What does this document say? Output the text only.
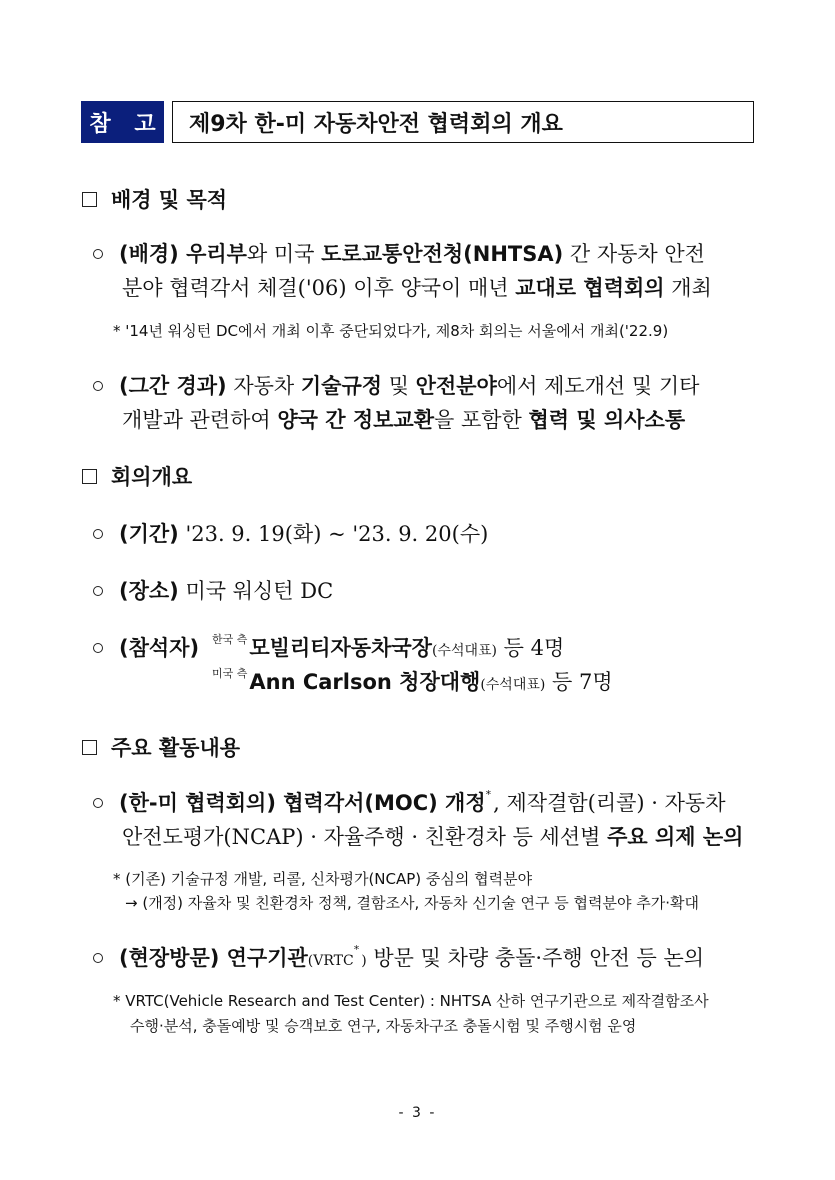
참 고	제9차 한-미 자동차안전 협력회의 개요
배경 및 목적
(배경) 우리부와 미국 도로교통안전청(NHTSA) 간 자동차 안전
분야 협력각서 체결('06) 이후 양국이 매년 교대로 협력회의 개최
* '14년 워싱턴 DC에서 개최 이후 중단되었다가, 제8차 회의는 서울에서 개최('22.9)
(그간 경과) 자동차 기술규정 및 안전분야에서 제도개선 및 기타
개발과 관련하여 양국 간 정보교환을 포함한 협력 및 의사소통
회의개요
(기간) '23. 9. 19(화) ~ '23. 9. 20(수)
(장소) 미국 워싱턴 DC
(참석자) $^{한국 측}$모빌리티자동차국장(수석대표) 등 4명
$^{미국 측}$Ann Carlson 청장대행(수석대표) 등 7명
주요 활동내용
(한-미 협력회의) 협력각서(MOC) 개정*, 제작결함(리콜) · 자동차
안전도평가(NCAP) · 자율주행 · 친환경차 등 세션별 주요 의제 논의
* (기존) 기술규정 개발, 리콜, 신차평가(NCAP) 중심의 협력분야
→ (개정) 자율차 및 친환경차 정책, 결함조사, 자동차 신기술 연구 등 협력분야 추가·확대
(현장방문) 연구기관(VRTC*) 방문 및 차량 충돌·주행 안전 등 논의
* VRTC(Vehicle Research and Test Center) : NHTSA 산하 연구기관으로 제작결함조사
수행·분석, 충돌예방 및 승객보호 연구, 자동차구조 충돌시험 및 주행시험 운영
- 3 -
